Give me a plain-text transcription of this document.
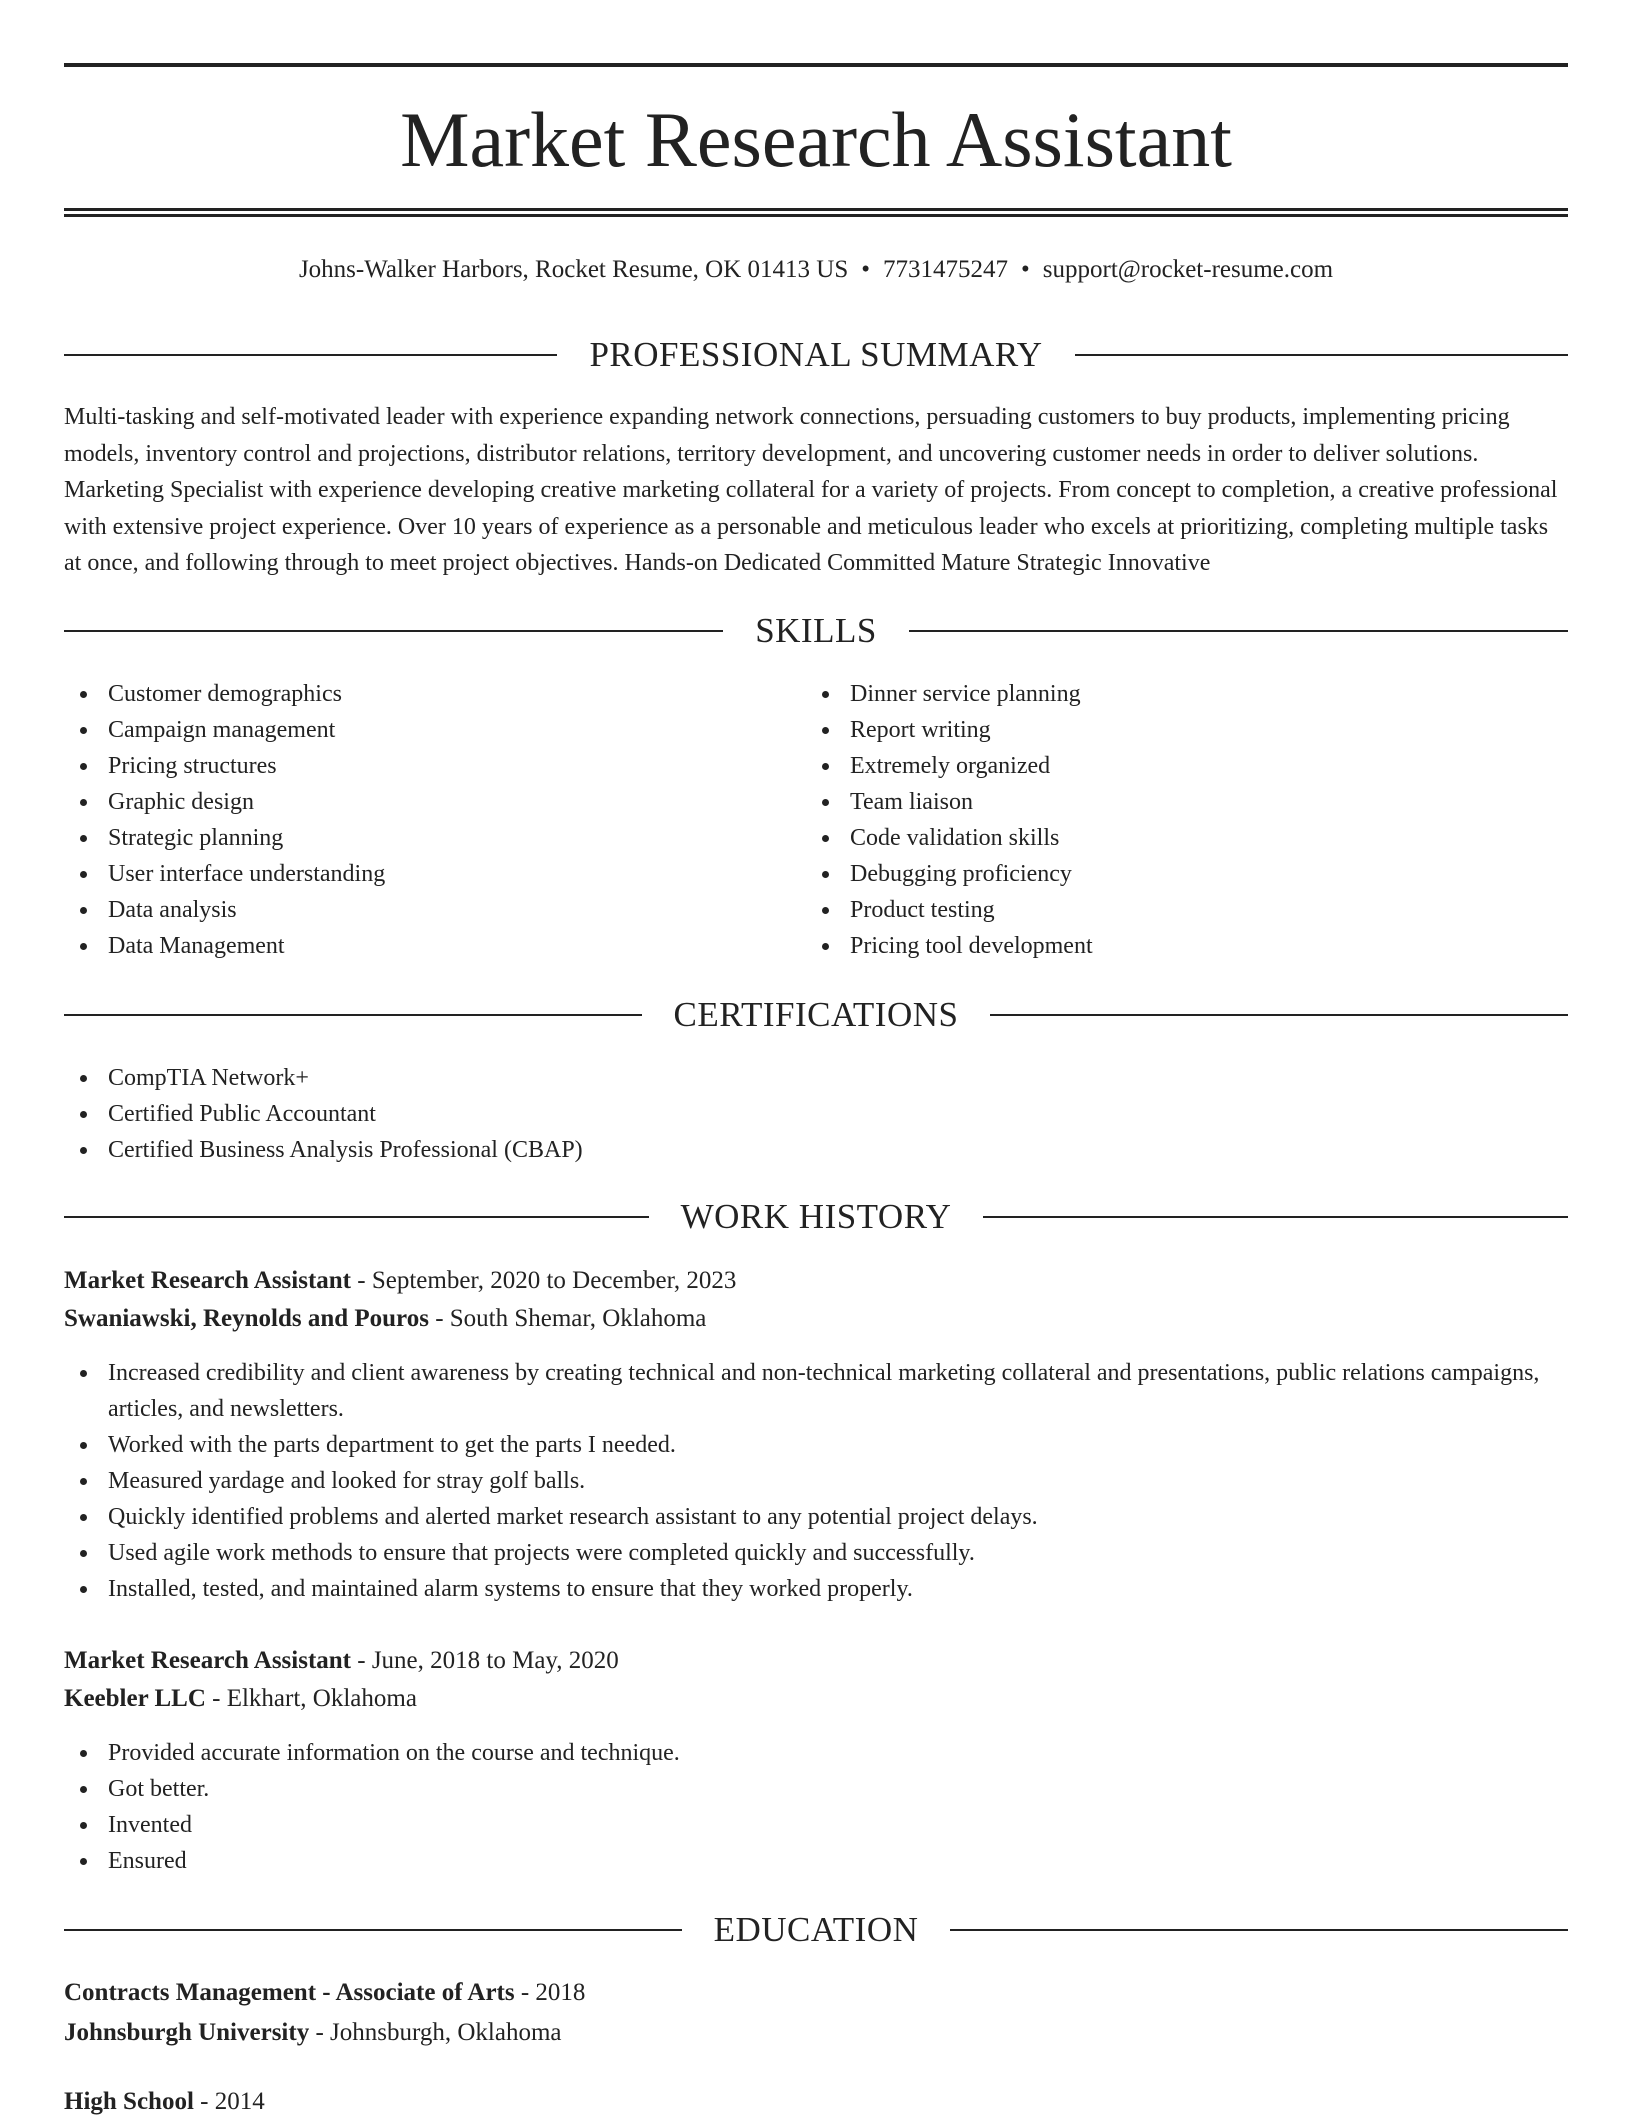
Market Research Assistant
Johns-Walker Harbors, Rocket Resume, OK 01413 US • 7731475247 • support@rocket-resume.com
PROFESSIONAL SUMMARY

Multi-tasking and self-motivated leader with experience expanding network connections, persuading customers to buy products, implementing pricing models, inventory control and projections, distributor relations, territory development, and uncovering customer needs in order to deliver solutions. Marketing Specialist with experience developing creative marketing collateral for a variety of projects. From concept to completion, a creative professional with extensive project experience. Over 10 years of experience as a personable and meticulous leader who excels at prioritizing, completing multiple tasks at once, and following through to meet project objectives. Hands-on Dedicated Committed Mature Strategic Innovative

SKILLS
Customer demographics
Campaign management
Pricing structures
Graphic design
Strategic planning
User interface understanding
Data analysis
Data Management
Dinner service planning
Report writing
Extremely organized
Team liaison
Code validation skills
Debugging proficiency
Product testing
Pricing tool development
CERTIFICATIONS
CompTIA Network+
Certified Public Accountant
Certified Business Analysis Professional (CBAP)
WORK HISTORY
Market Research Assistant - September, 2020 to December, 2023
Swaniawski, Reynolds and Pouros - South Shemar, Oklahoma
Increased credibility and client awareness by creating technical and non-technical marketing collateral and presentations, public relations campaigns, articles, and newsletters.
Worked with the parts department to get the parts I needed.
Measured yardage and looked for stray golf balls.
Quickly identified problems and alerted market research assistant to any potential project delays.
Used agile work methods to ensure that projects were completed quickly and successfully.
Installed, tested, and maintained alarm systems to ensure that they worked properly.
Market Research Assistant - June, 2018 to May, 2020
Keebler LLC - Elkhart, Oklahoma
Provided accurate information on the course and technique.
Got better.
Invented
Ensured
EDUCATION
Contracts Management - Associate of Arts - 2018
Johnsburgh University - Johnsburgh, Oklahoma
High School - 2014
